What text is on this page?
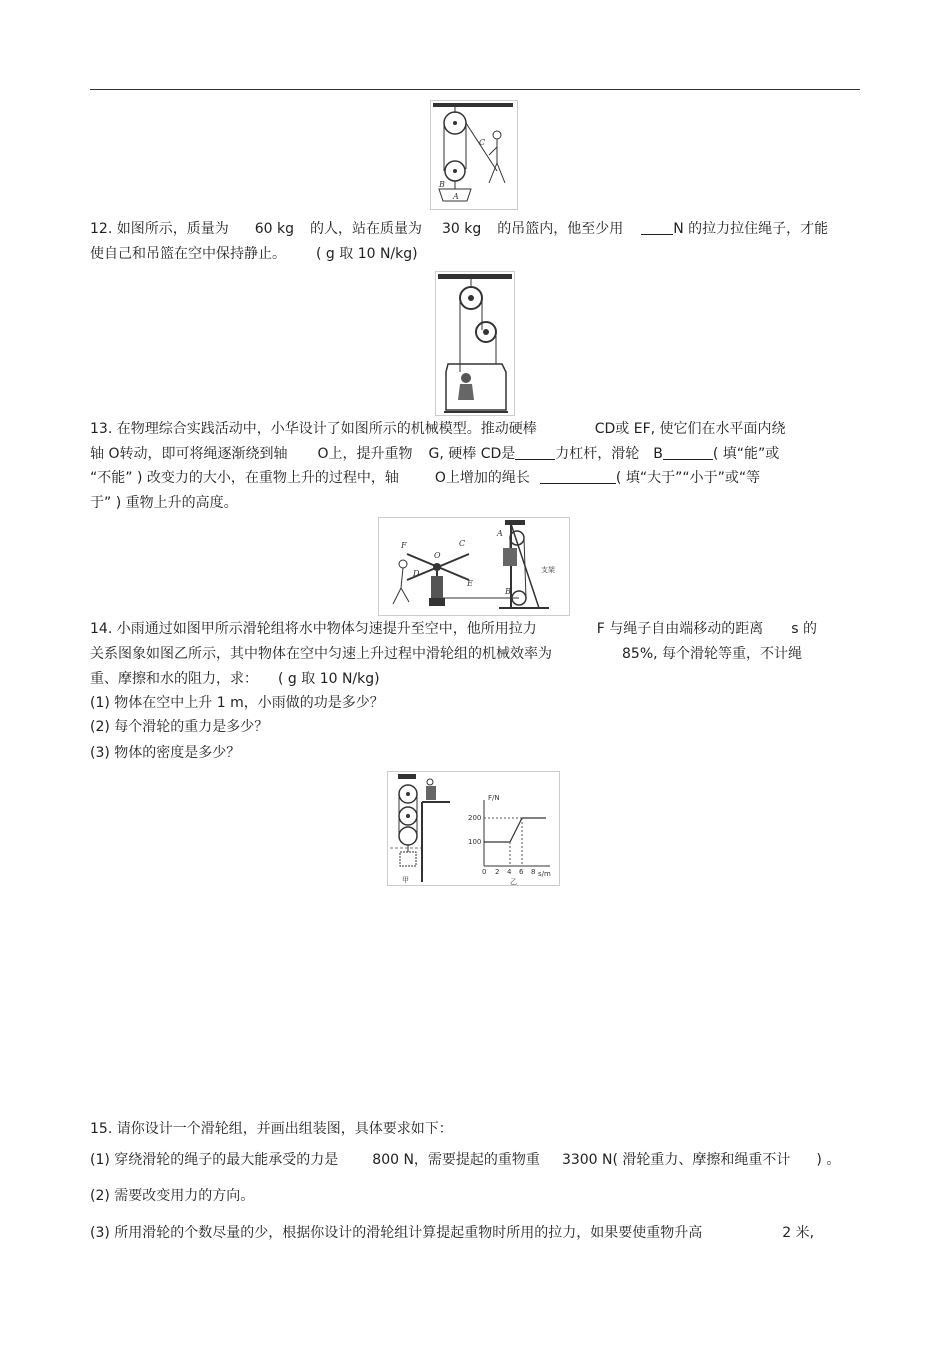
C
B
A
12. 如图所示，质量为 60 kg 的人，站在质量为 30 kg 的吊篮内，他至少用	N 的拉力拉住绳子，才能
使自己和吊篮在空中保持静止。 ( g 取 10 N/kg)
13. 在物理综合实践活动中，小华设计了如图所示的机械模型。推动硬棒	CD或 EF, 使它们在水平面内绕
轴 O转动，即可将绳逐渐绕到轴 O上，提升重物 G, 硬棒 CD是	力杠杆，滑轮 B	( 填“能”或
“不能” ) 改变力的大小，在重物上升的过程中，轴	O上增加的绳长	( 填“大于”“小于”或“等
于” ) 重物上升的高度。
F	C
O
D
E
A
B
支架
14. 小雨通过如图甲所示滑轮组将水中物体匀速提升至空中，他所用拉力	F 与绳子自由端移动的距离 s 的
关系图象如图乙所示，其中物体在空中匀速上升过程中滑轮组的机械效率为	85%, 每个滑轮等重，不计绳
重、摩擦和水的阻力，求： ( g 取 10 N/kg)
(1) 物体在空中上升 1 m，小雨做的功是多少？
(2) 每个滑轮的重力是多少？
(3) 物体的密度是多少？
甲
F/N
s/m
200
100
0 2 4 6 8
乙
15. 请你设计一个滑轮组，并画出组装图，具体要求如下：
(1) 穿绕滑轮的绳子的最大能承受的力是 800 N，需要提起的重物重 3300 N( 滑轮重力、摩擦和绳重不计 ) 。
(2) 需要改变用力的方向。
(3) 所用滑轮的个数尽量的少，根据你设计的滑轮组计算提起重物时所用的拉力，如果要使重物升高	2 米,
